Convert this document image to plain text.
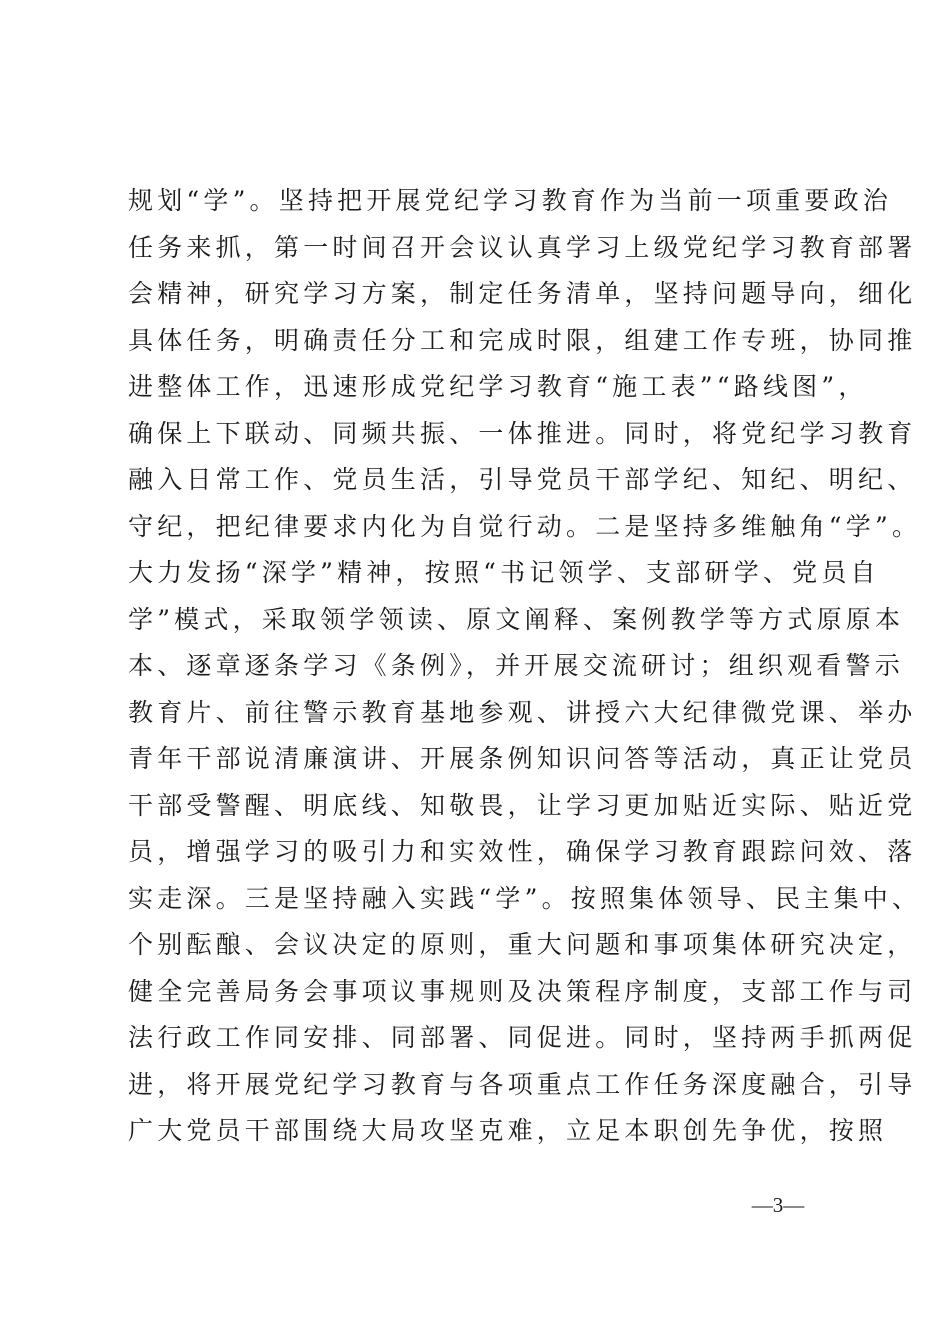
规划“学”。坚持把开展党纪学习教育作为当前一项重要政治
任务来抓，第一时间召开会议认真学习上级党纪学习教育部署
会精神，研究学习方案，制定任务清单，坚持问题导向，细化
具体任务，明确责任分工和完成时限，组建工作专班，协同推
进整体工作，迅速形成党纪学习教育“施工表”“路线图”，
确保上下联动、同频共振、一体推进。同时，将党纪学习教育
融入日常工作、党员生活，引导党员干部学纪、知纪、明纪、
守纪，把纪律要求内化为自觉行动。二是坚持多维触角“学”。
大力发扬“深学”精神，按照“书记领学、支部研学、党员自
学”模式，采取领学领读、原文阐释、案例教学等方式原原本
本、逐章逐条学习《条例》，并开展交流研讨；组织观看警示
教育片、前往警示教育基地参观、讲授六大纪律微党课、举办
青年干部说清廉演讲、开展条例知识问答等活动，真正让党员
干部受警醒、明底线、知敬畏，让学习更加贴近实际、贴近党
员，增强学习的吸引力和实效性，确保学习教育跟踪问效、落
实走深。三是坚持融入实践“学”。按照集体领导、民主集中、
个别酝酿、会议决定的原则，重大问题和事项集体研究决定，
健全完善局务会事项议事规则及决策程序制度，支部工作与司
法行政工作同安排、同部署、同促进。同时，坚持两手抓两促
进，将开展党纪学习教育与各项重点工作任务深度融合，引导
广大党员干部围绕大局攻坚克难，立足本职创先争优，按照
—3—
